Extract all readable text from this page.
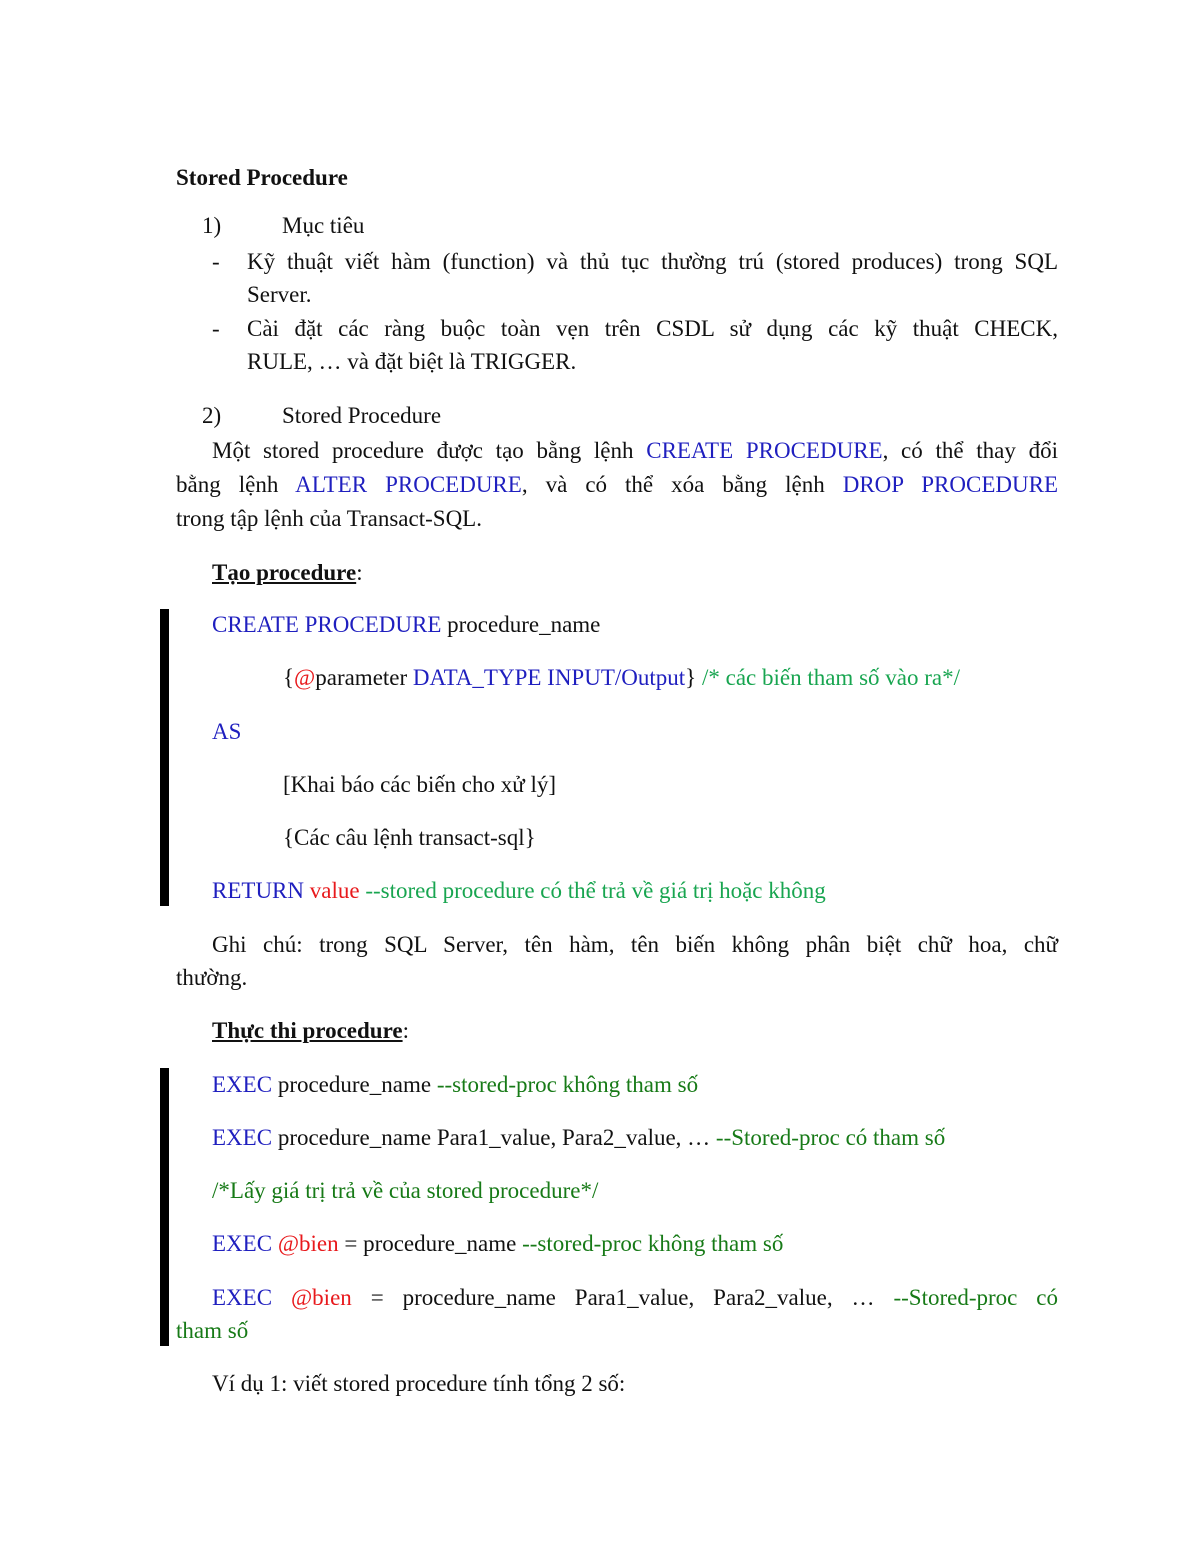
Stored Procedure
1)	Mục tiêu
- Kỹ thuật viết hàm (function) và thủ tục thường trú (stored produces) trong SQL
Server.
- Cài đặt các ràng buộc toàn vẹn trên CSDL sử dụng các kỹ thuật CHECK,
RULE, … và đặt biệt là TRIGGER.
2)	Stored Procedure
Một stored procedure được tạo bằng lệnh CREATE PROCEDURE, có thể thay đổi
bằng lệnh ALTER PROCEDURE, và có thể xóa bằng lệnh DROP PROCEDURE
trong tập lệnh của Transact-SQL.
Tạo procedure:
CREATE PROCEDURE procedure_name
{@parameter DATA_TYPE INPUT/Output} /* các biến tham số vào ra*/
AS
[Khai báo các biến cho xử lý]
{Các câu lệnh transact-sql}
RETURN value --stored procedure có thể trả về giá trị hoặc không
Ghi chú: trong SQL Server, tên hàm, tên biến không phân biệt chữ hoa, chữ
thường.
Thực thi procedure:
EXEC procedure_name --stored-proc không tham số
EXEC procedure_name Para1_value, Para2_value, … --Stored-proc có tham số
/*Lấy giá trị trả về của stored procedure*/
EXEC @bien = procedure_name --stored-proc không tham số
EXEC @bien = procedure_name Para1_value, Para2_value, … --Stored-proc có
tham số
Ví dụ 1: viết stored procedure tính tổng 2 số:
